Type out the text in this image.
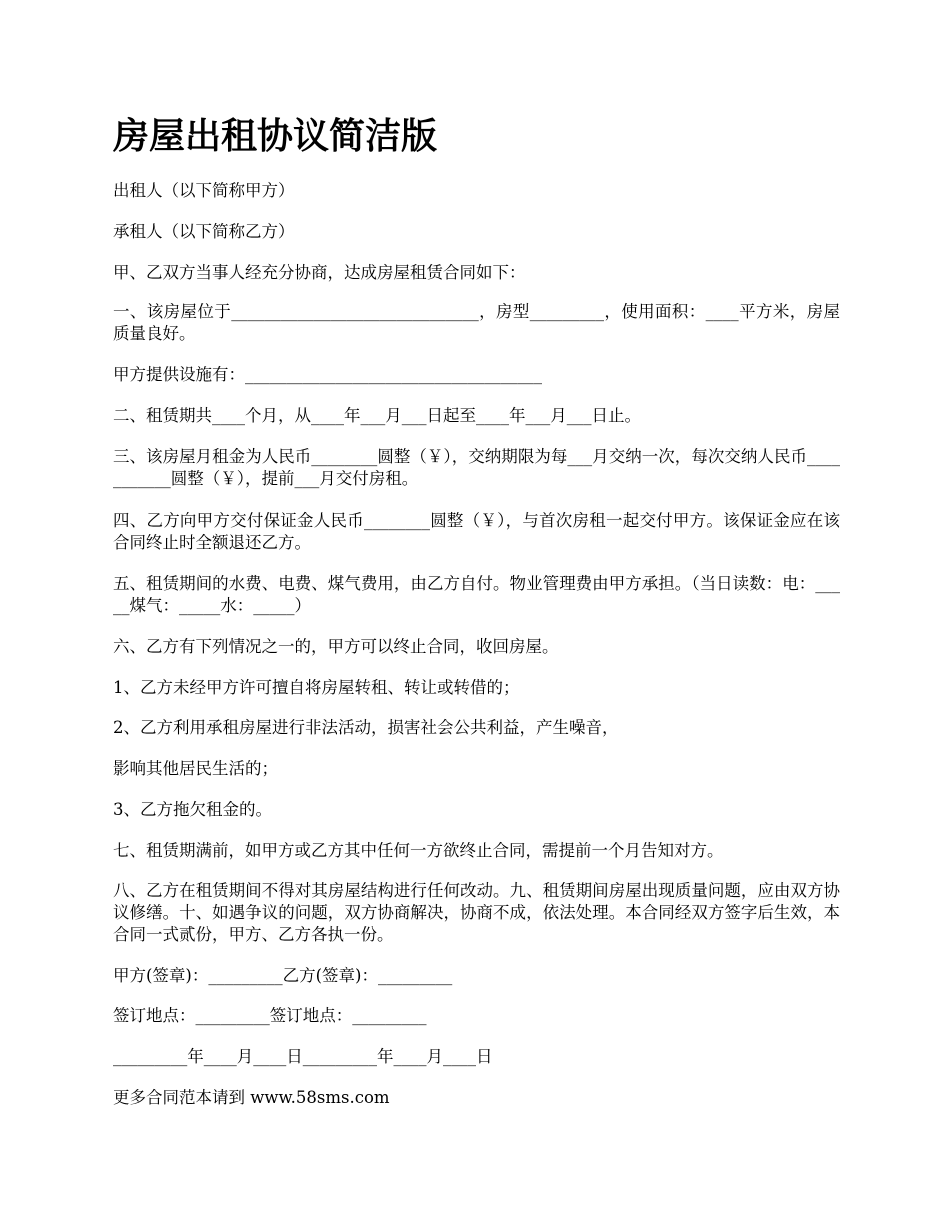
房屋出租协议简洁版

出租人（以下简称甲方）

承租人（以下简称乙方）

甲、乙双方当事人经充分协商，达成房屋租赁合同如下：

一、该房屋位于______________________________，房型_________，使用面积：____平方米，房屋质量良好。

甲方提供设施有：____________________________________

二、租赁期共____个月，从____年___月___日起至____年___月___日止。

三、该房屋月租金为人民币________圆整（￥），交纳期限为每___月交纳一次，每次交纳人民币___________圆整（￥），提前___月交付房租。

四、乙方向甲方交付保证金人民币________圆整（￥），与首次房租一起交付甲方。该保证金应在该合同终止时全额退还乙方。

五、租赁期间的水费、电费、煤气费用，由乙方自付。物业管理费由甲方承担。（当日读数：电：_____煤气：_____水：_____）

六、乙方有下列情况之一的，甲方可以终止合同，收回房屋。

1、乙方未经甲方许可擅自将房屋转租、转让或转借的；

2、乙方利用承租房屋进行非法活动，损害社会公共利益，产生噪音，

影响其他居民生活的；

3、乙方拖欠租金的。

七、租赁期满前，如甲方或乙方其中任何一方欲终止合同，需提前一个月告知对方。

八、乙方在租赁期间不得对其房屋结构进行任何改动。九、租赁期间房屋出现质量问题，应由双方协议修缮。十、如遇争议的问题，双方协商解决，协商不成，依法处理。本合同经双方签字后生效，本合同一式贰份，甲方、乙方各执一份。

甲方(签章)：_________乙方(签章)：_________

签订地点：_________签订地点：_________

_________年____月____日_________年____月____日

更多合同范本请到 www.58sms.com
